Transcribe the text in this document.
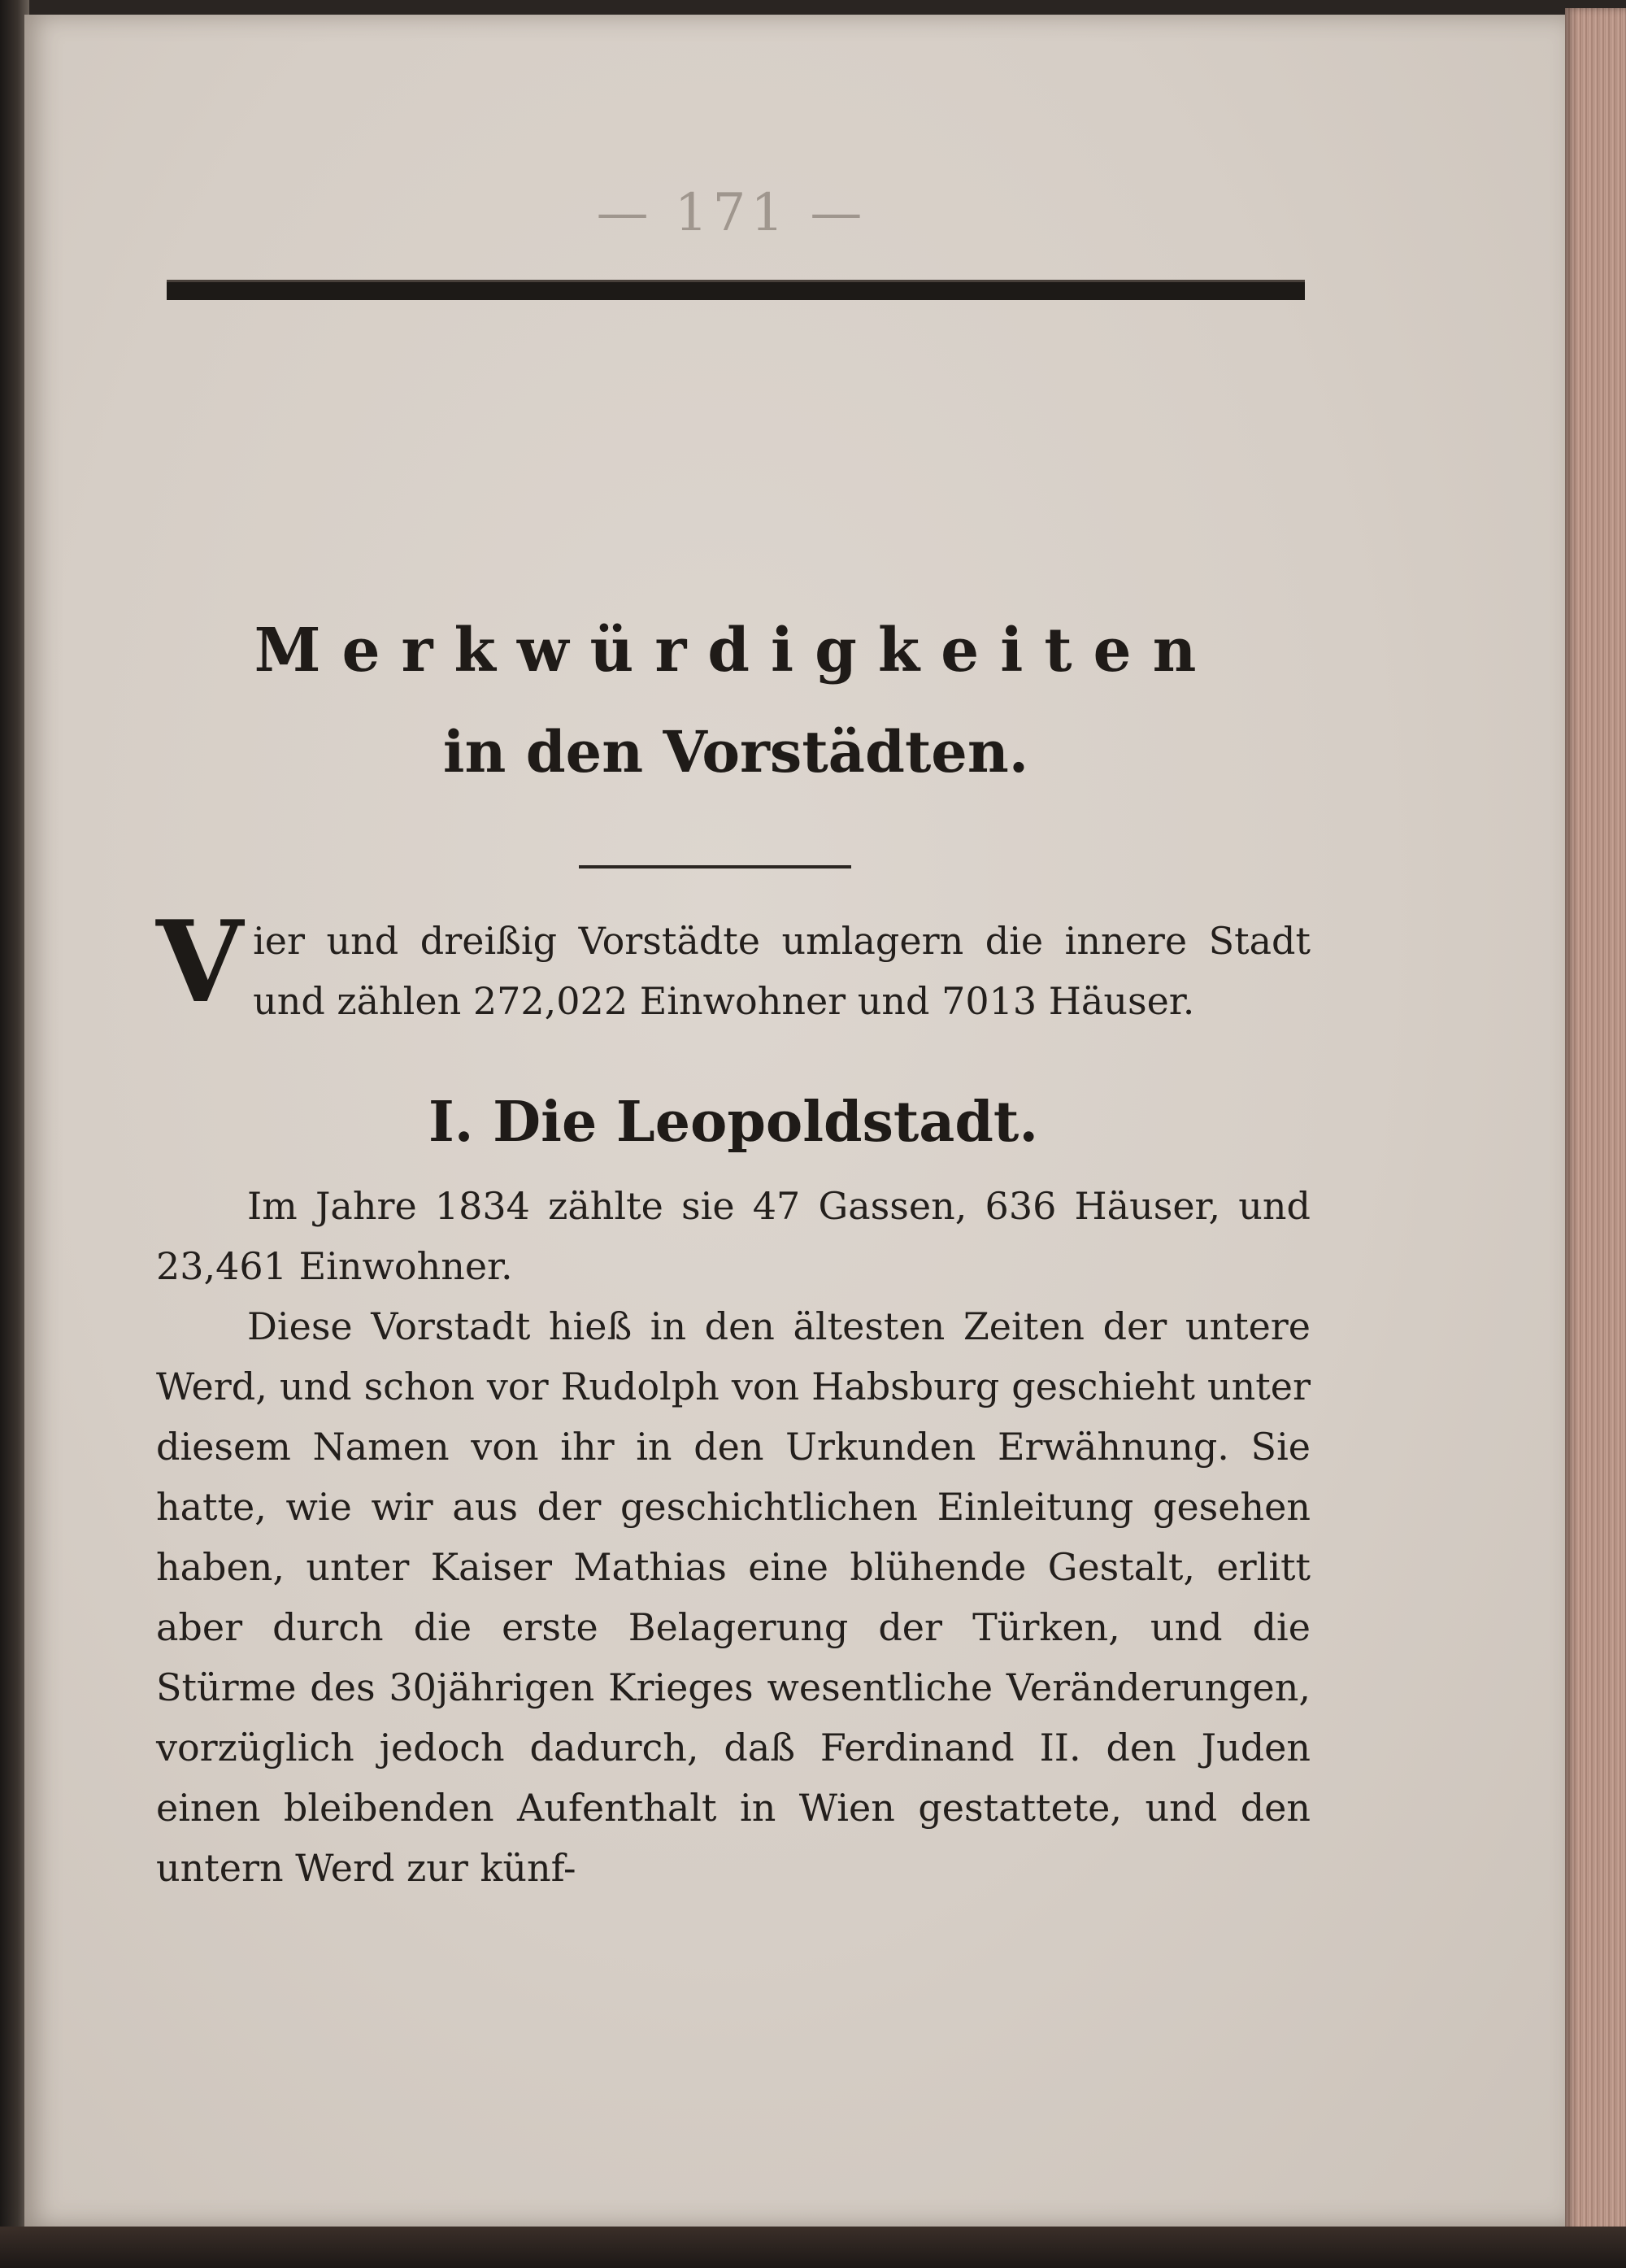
— 171 —
Merkwürdigkeiten
in den Vorstädten.
V ier und dreißig Vorstädte umlagern die innere Stadt und zählen 272,022 Einwohner und 7013 Häuser.
I. Die Leopoldstadt.
Im Jahre 1834 zählte sie 47 Gassen, 636 Häuser, und 23,461 Einwohner.
Diese Vorstadt hieß in den ältesten Zeiten der untere Werd, und schon vor Rudolph von Habsburg geschieht unter diesem Namen von ihr in den Urkunden Erwähnung. Sie hatte, wie wir aus der geschichtlichen Einleitung gesehen haben, unter Kaiser Mathias eine blühende Gestalt, erlitt aber durch die erste Belagerung der Türken, und die Stürme des 30jährigen Krieges wesentliche Veränderungen, vorzüglich jedoch dadurch, daß Ferdinand II. den Juden einen bleibenden Aufenthalt in Wien gestattete, und den untern Werd zur künf-
